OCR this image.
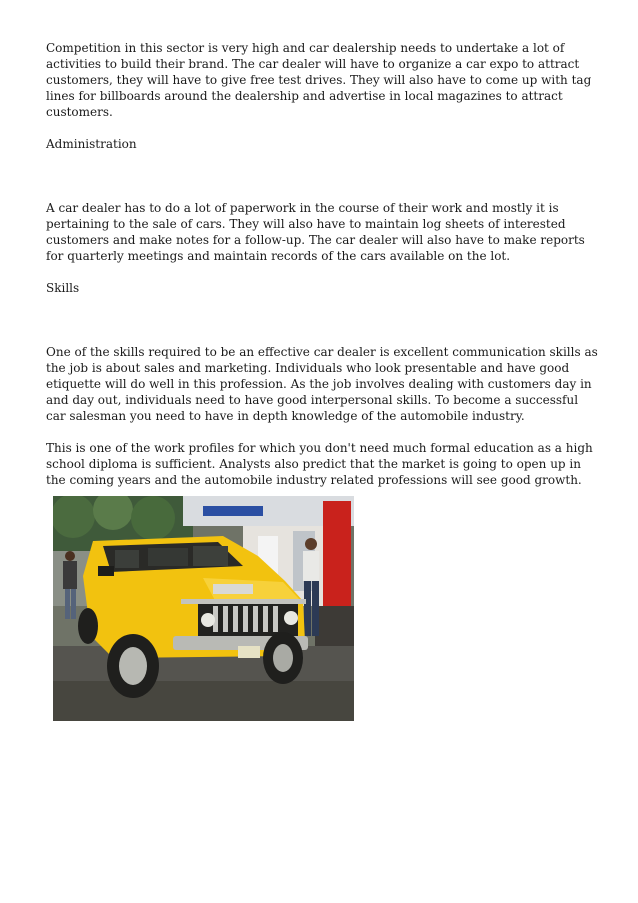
Competition in this sector is very high and car dealership needs to undertake a lot of activities to build their brand. The car dealer will have to organize a car expo to attract customers, they will have to give free test drives. They will also have to come up with tag lines for billboards around the dealership and advertise in local magazines to attract customers.

Administration

A car dealer has to do a lot of paperwork in the course of their work and mostly it is pertaining to the sale of cars. They will also have to maintain log sheets of interested customers and make notes for a follow-up. The car dealer will also have to make reports for quarterly meetings and maintain records of the cars available on the lot.

Skills

One of the skills required to be an effective car dealer is excellent communication skills as the job is about sales and marketing. Individuals who look presentable and have good etiquette will do well in this profession. As the job involves dealing with customers day in and day out, individuals need to have good interpersonal skills. To become a successful car salesman you need to have in depth knowledge of the automobile industry.

This is one of the work profiles for which you don't need much formal education as a high school diploma is sufficient. Analysts also predict that the market is going to open up in the coming years and the automobile industry related professions will see good growth.
